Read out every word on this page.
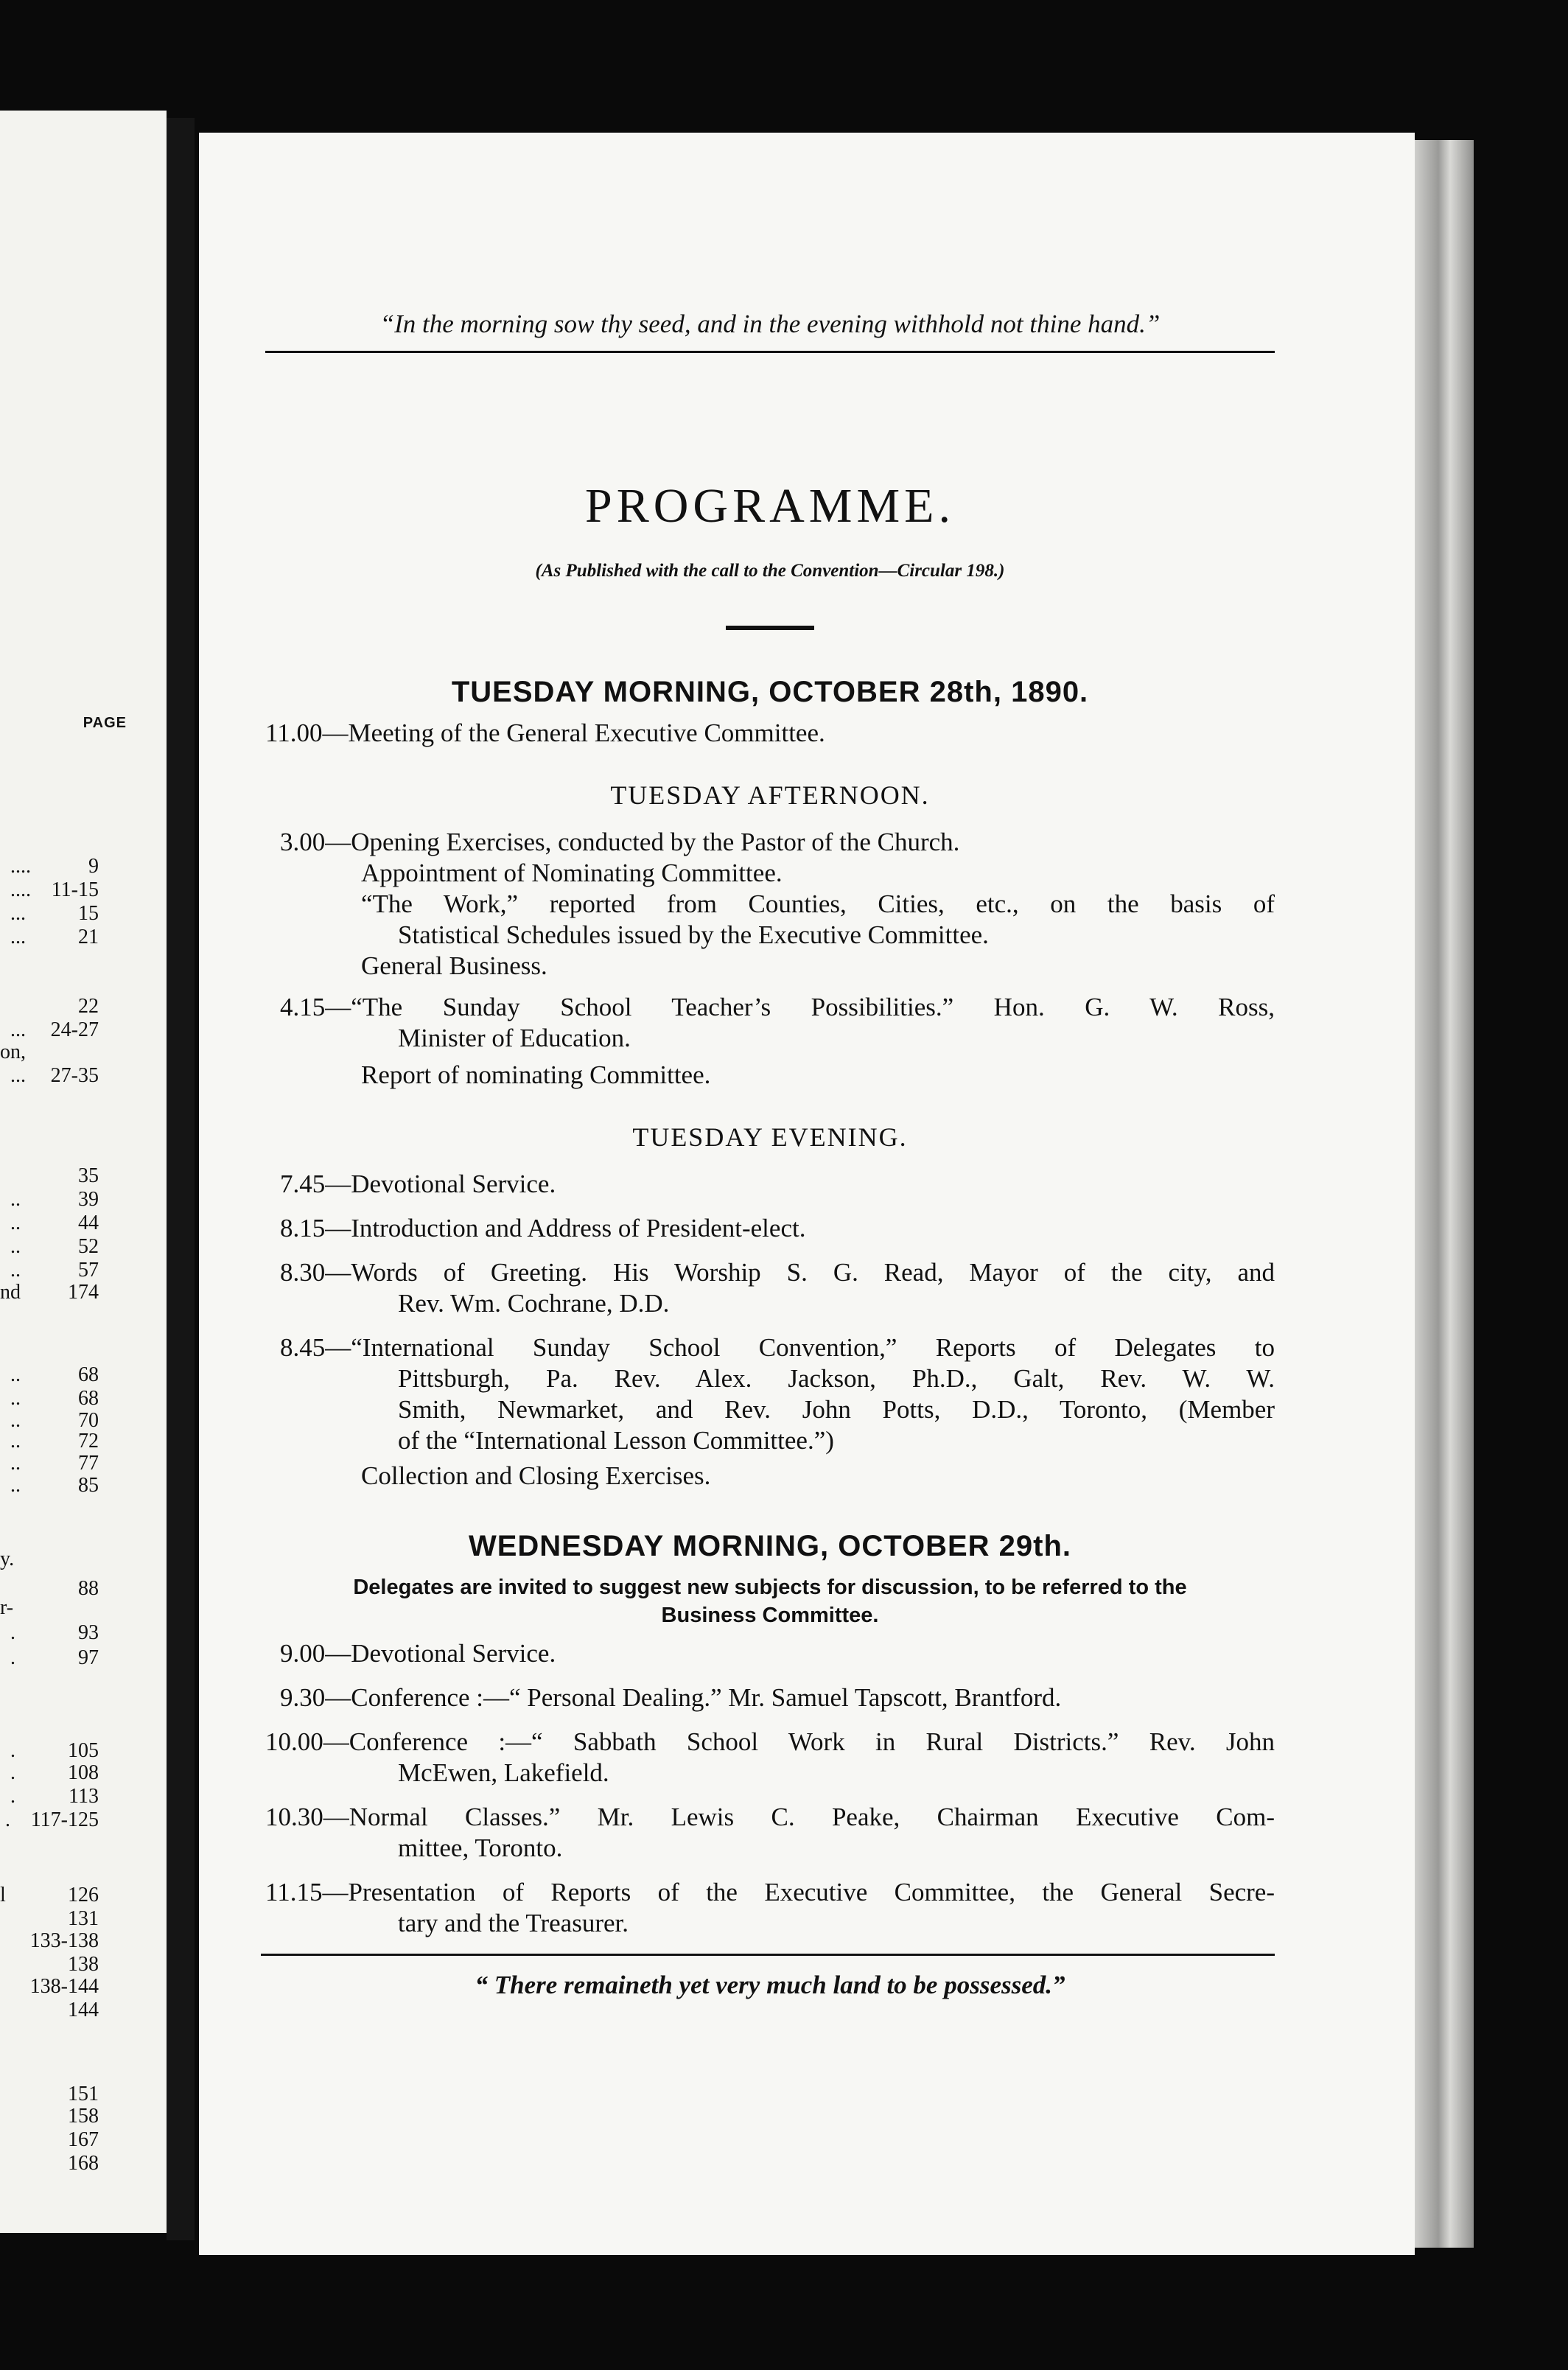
PAGE
....	9
.... 11-15
...	15
...	21
22
... 24-27
on,
... 27-35
35
..	39
..	44
..	52
..	57
nd 174
..	68
..	68
..	70
..	72
..	77
..	85
y.
88
r-
.	93
.	97
.	105
.	108
.	113
. 117-125
l	126
131
133-138
138
138-144
144
151
158
167
168
“In the morning sow thy seed, and in the evening withhold not thine hand.”
PROGRAMME.
(As Published with the call to the Convention—Circular 198.)
TUESDAY MORNING, OCTOBER 28th, 1890.
11.00—Meeting of the General Executive Committee.
TUESDAY AFTERNOON.
3.00—Opening Exercises, conducted by the Pastor of the Church.
Appointment of Nominating Committee.
“The Work,” reported from Counties, Cities, etc., on the basis of
Statistical Schedules issued by the Executive Committee.
General Business.
4.15—“The Sunday School Teacher’s Possibilities.” Hon. G. W. Ross,
Minister of Education.
Report of nominating Committee.
TUESDAY EVENING.
7.45—Devotional Service.
8.15—Introduction and Address of President-elect.
8.30—Words of Greeting. His Worship S. G. Read, Mayor of the city, and
Rev. Wm. Cochrane, D.D.
8.45—“International Sunday School Convention,” Reports of Delegates to
Pittsburgh, Pa. Rev. Alex. Jackson, Ph.D., Galt, Rev. W. W.
Smith, Newmarket, and Rev. John Potts, D.D., Toronto, (Member
of the “International Lesson Committee.”)
Collection and Closing Exercises.
WEDNESDAY MORNING, OCTOBER 29th.
Delegates are invited to suggest new subjects for discussion, to be referred to the
Business Committee.
9.00—Devotional Service.
9.30—Conference :—“ Personal Dealing.” Mr. Samuel Tapscott, Brantford.
10.00—Conference :—“ Sabbath School Work in Rural Districts.” Rev. John
McEwen, Lakefield.
10.30—Normal Classes.” Mr. Lewis C. Peake, Chairman Executive Com-
mittee, Toronto.
11.15—Presentation of Reports of the Executive Committee, the General Secre-
tary and the Treasurer.
“ There remaineth yet very much land to be possessed.”
